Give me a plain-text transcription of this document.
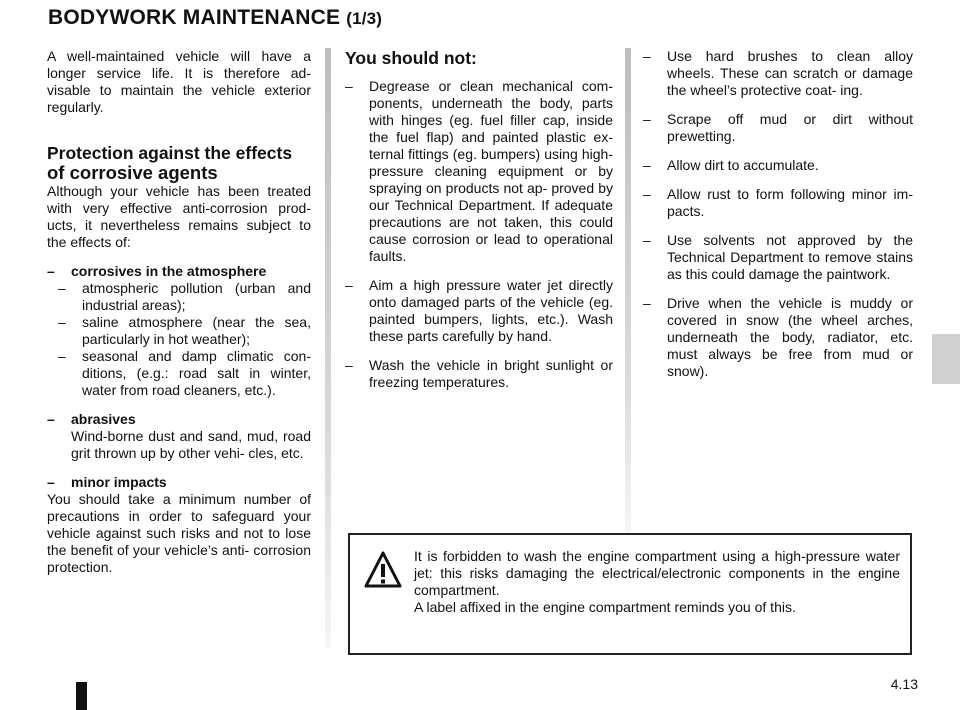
BODYWORK MAINTENANCE (1/3)

A well-maintained vehicle will have a longer service life. It is therefore ad- visable to maintain the vehicle exterior regularly.

Protection against the effects
of corrosive agents

Although your vehicle has been treated with very effective anti-corrosion prod- ucts, it nevertheless remains subject to the effects of:

– corrosives in the atmosphere
– atmospheric pollution (urban and industrial areas);
– saline atmosphere (near the sea, particularly in hot weather);
– seasonal and damp climatic con- ditions, (e.g.: road salt in winter, water from road cleaners, etc.).
– abrasives
Wind-borne dust and sand, mud, road grit thrown up by other vehi- cles, etc.
– minor impacts

You should take a minimum number of precautions in order to safeguard your vehicle against such risks and not to lose the benefit of your vehicle’s anti- corrosion protection.

You should not:

– Degrease or clean mechanical com- ponents, underneath the body, parts with hinges (eg. fuel filler cap, inside the fuel flap) and painted plastic ex- ternal fittings (eg. bumpers) using high-pressure cleaning equipment or by spraying on products not ap- proved by our Technical Department. If adequate precautions are not taken, this could cause corrosion or lead to operational faults.
– Aim a high pressure water jet directly onto damaged parts of the vehicle (eg. painted bumpers, lights, etc.). Wash these parts carefully by hand.
– Wash the vehicle in bright sunlight or freezing temperatures.
– Use hard brushes to clean alloy wheels. These can scratch or damage the wheel’s protective coat- ing.
– Scrape off mud or dirt without prewetting.
– Allow dirt to accumulate.
– Allow rust to form following minor im- pacts.
– Use solvents not approved by the Technical Department to remove stains as this could damage the paintwork.
– Drive when the vehicle is muddy or covered in snow (the wheel arches, underneath the body, radiator, etc. must always be free from mud or snow).

It is forbidden to wash the engine compartment using a high-pressure water jet: this risks damaging the electrical/electronic components in the engine compartment.

A label affixed in the engine compartment reminds you of this.

4.13
